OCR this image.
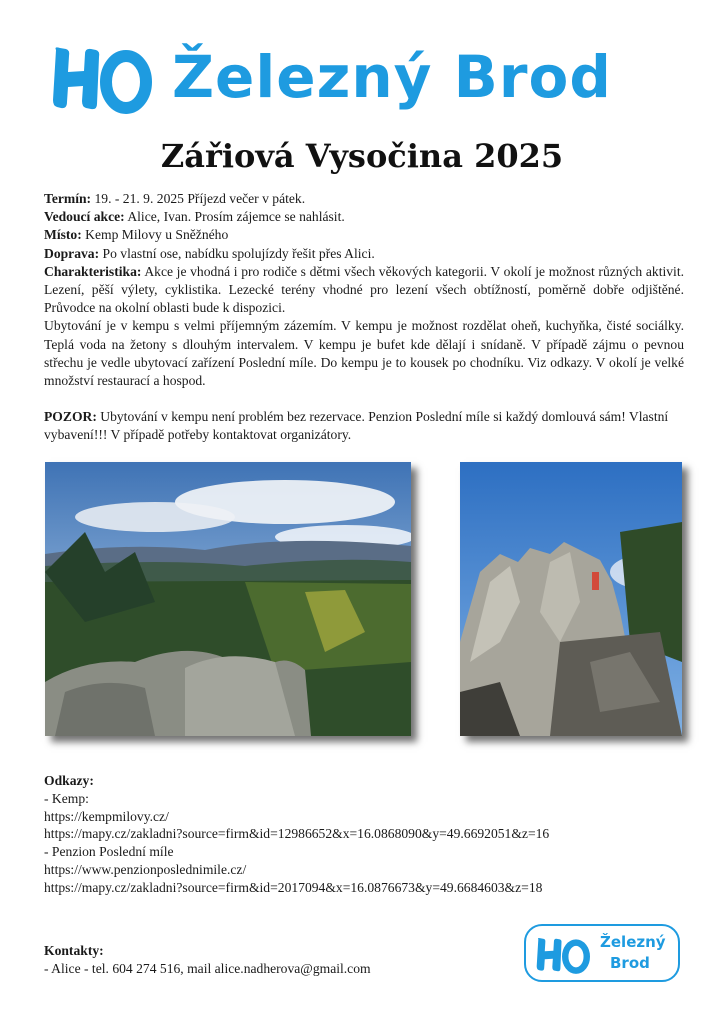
Železný Brod
Zářiová Vysočina 2025

Termín: 19. - 21. 9. 2025 Příjezd večer v pátek.

Vedoucí akce: Alice, Ivan. Prosím zájemce se nahlásit.

Místo: Kemp Milovy u Sněžného

Doprava: Po vlastní ose, nabídku spolujízdy řešit přes Alici.

Charakteristika: Akce je vhodná i pro rodiče s dětmi všech věkových kategorii. V okolí je možnost různých aktivit. Lezení, pěší výlety, cyklistika. Lezecké terény vhodné pro lezení všech obtížností, poměrně dobře odjištěné. Průvodce na okolní oblasti bude k dispozici.

Ubytování je v kempu s velmi příjemným zázemím. V kempu je možnost rozdělat oheň, kuchyňka, čisté sociálky. Teplá voda na žetony s dlouhým intervalem. V kempu je bufet kde dělají i snídaně. V případě zájmu o pevnou střechu je vedle ubytovací zařízení Poslední míle. Do kempu je to kousek po chodníku. Viz odkazy. V okolí je velké množství restaurací a hospod.

POZOR: Ubytování v kempu není problém bez rezervace. Penzion Poslední míle si každý domlouvá sám! Vlastní vybavení!!! V případě potřeby kontaktovat organizátory.

Odkazy:

- Kemp:

https://kempmilovy.cz/

https://mapy.cz/zakladni?source=firm&id=12986652&x=16.0868090&y=49.6692051&z=16

- Penzion Poslední míle

https://www.penzionposlednimile.cz/

https://mapy.cz/zakladni?source=firm&id=2017094&x=16.0876673&y=49.6684603&z=18

Kontakty:

- Alice - tel. 604 274 516, mail alice.nadherova@gmail.com

Železný
Brod
